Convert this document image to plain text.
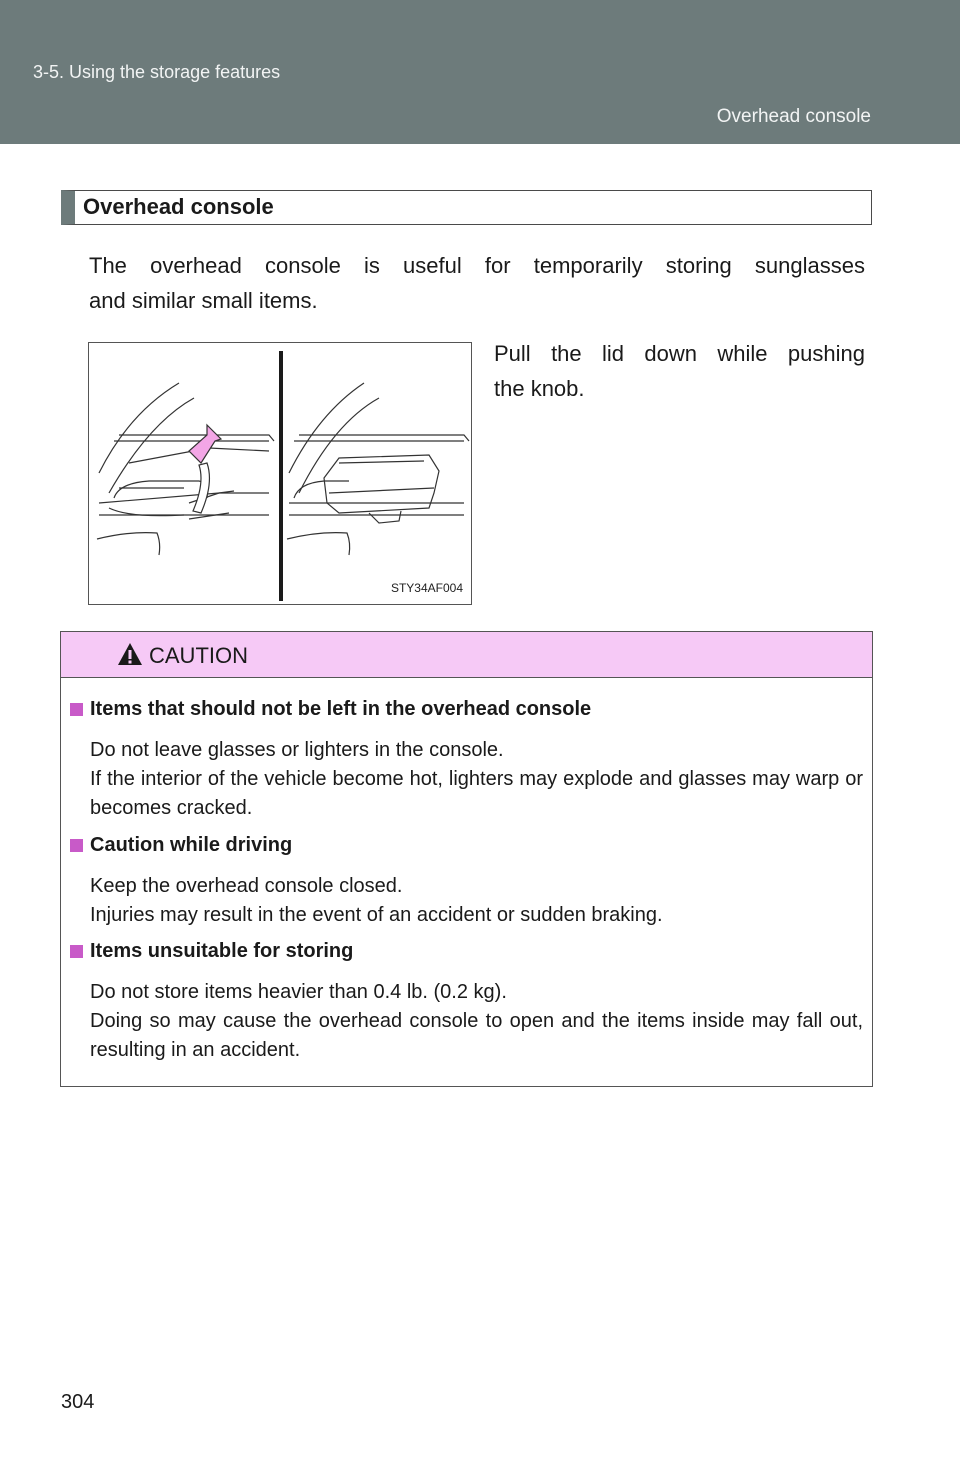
3-5. Using the storage features
Overhead console
Overhead console
The overhead console is useful for temporarily storing sunglasses
and similar small items.
STY34AF004
Pull the lid down while pushing
the knob.
CAUTION
Items that should not be left in the overhead console

Do not leave glasses or lighters in the console.

If the interior of the vehicle become hot, lighters may explode and glasses may warp or becomes cracked.

Caution while driving

Keep the overhead console closed.

Injuries may result in the event of an accident or sudden braking.

Items unsuitable for storing

Do not store items heavier than 0.4 lb. (0.2 kg).

Doing so may cause the overhead console to open and the items inside may fall out, resulting in an accident.

304
